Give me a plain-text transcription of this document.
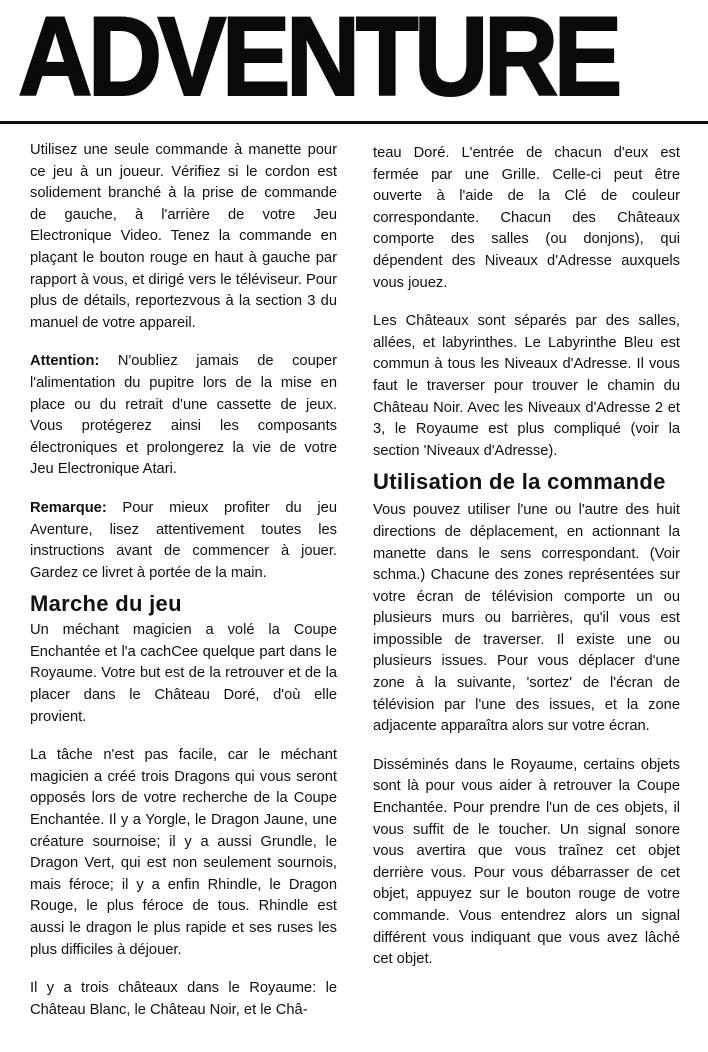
ADVENTURE

Utilisez une seule commande à manette pour ce jeu à un joueur. Vérifiez si le cordon est solidement branché à la prise de commande de gauche, à l'arrière de votre Jeu Electronique Video. Tenez la commande en plaçant le bouton rouge en haut à gauche par rapport à vous, et dirigé vers le téléviseur. Pour plus de détails, reportezvous à la section 3 du manuel de votre appareil.

Attention: N'oubliez jamais de couper l'alimentation du pupitre lors de la mise en place ou du retrait d'une cassette de jeux. Vous protégerez ainsi les composants électroniques et prolongerez la vie de votre Jeu Electronique Atari.

Remarque: Pour mieux profiter du jeu Aventure, lisez attentivement toutes les instructions avant de commencer à jouer. Gardez ce livret à portée de la main.

Marche du jeu

Un méchant magicien a volé la Coupe Enchantée et l'a cachCee quelque part dans le Royaume. Votre but est de la retrouver et de la placer dans le Château Doré, d'où elle provient.

La tâche n'est pas facile, car le méchant magicien a créé trois Dragons qui vous seront opposés lors de votre recherche de la Coupe Enchantée. Il y a Yorgle, le Dragon Jaune, une créature sournoise; il y a aussi Grundle, le Dragon Vert, qui est non seulement sournois, mais féroce; il y a enfin Rhindle, le Dragon Rouge, le plus féroce de tous. Rhindle est aussi le dragon le plus rapide et ses ruses les plus difficiles à déjouer.

Il y a trois châteaux dans le Royaume: le Château Blanc, le Château Noir, et le Châ-

teau Doré. L'entrée de chacun d'eux est fermée par une Grille. Celle-ci peut être ouverte à l'aide de la Clé de couleur correspondante. Chacun des Châteaux comporte des salles (ou donjons), qui dépendent des Niveaux d'Adresse auxquels vous jouez.

Les Châteaux sont séparés par des salles, allées, et labyrinthes. Le Labyrinthe Bleu est commun à tous les Niveaux d'Adresse. Il vous faut le traverser pour trouver le chamin du Château Noir. Avec les Niveaux d'Adresse 2 et 3, le Royaume est plus compliqué (voir la section 'Niveaux d'Adresse).

Utilisation de la commande

Vous pouvez utiliser l'une ou l'autre des huit directions de déplacement, en actionnant la manette dans le sens correspondant. (Voir schma.) Chacune des zones représentées sur votre écran de télévision comporte un ou plusieurs murs ou barrières, qu'il vous est impossible de traverser. Il existe une ou plusieurs issues. Pour vous déplacer d'une zone à la suivante, 'sortez' de l'écran de télévision par l'une des issues, et la zone adjacente apparaîtra alors sur votre écran.

Disséminés dans le Royaume, certains objets sont là pour vous aider à retrouver la Coupe Enchantée. Pour prendre l'un de ces objets, il vous suffit de le toucher. Un signal sonore vous avertira que vous traînez cet objet derrière vous. Pour vous débarrasser de cet objet, appuyez sur le bouton rouge de votre commande. Vous entendrez alors un signal différent vous indiquant que vous avez lâché cet objet.
